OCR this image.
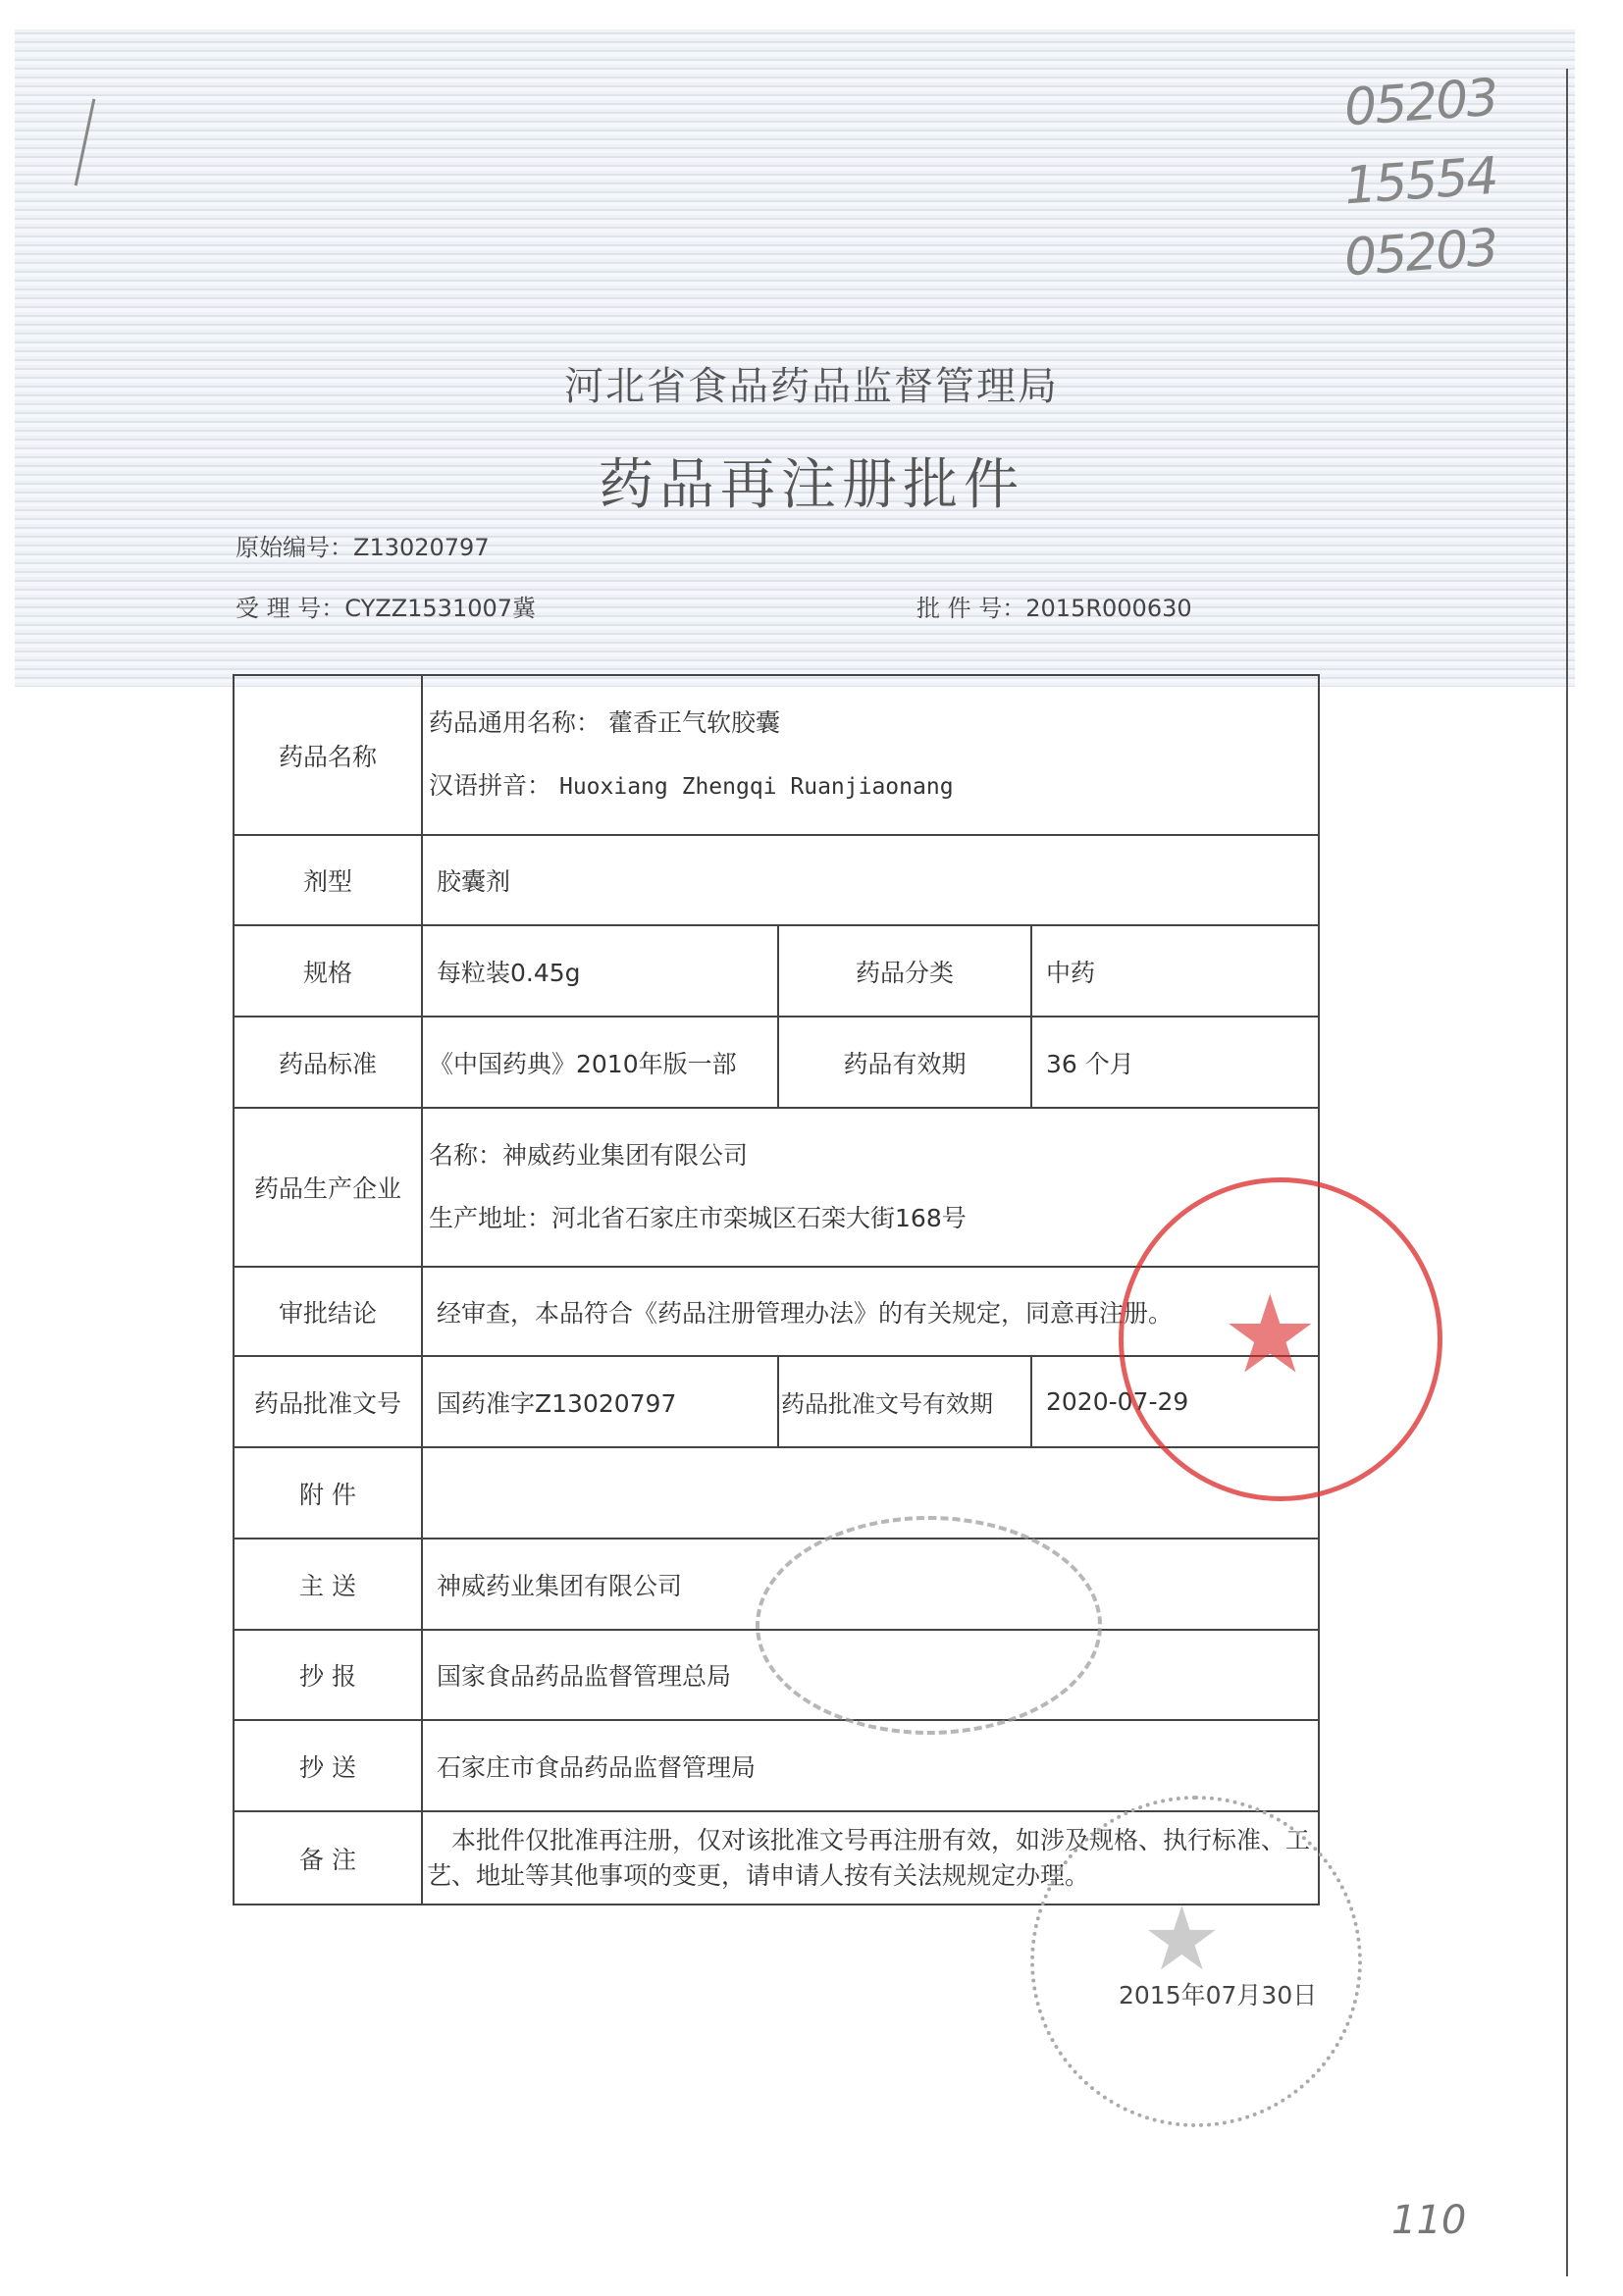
05203
15554
05203
河北省食品药品监督管理局
药品再注册批件
原始编号：Z13020797
受 理 号：CYZZ1531007冀	批 件 号：2015R000630
药品名称	药品通用名称： 藿香正气软胶囊
汉语拼音： Huoxiang Zhengqi Ruanjiaonang		

剂型	胶囊剂		
规格	每粒装0.45g	药品分类	中药
药品标准	《中国药典》2010年版一部	药品有效期	36 个月
药品生产企业	名称：神威药业集团有限公司
生产地址：河北省石家庄市栾城区石栾大街168号		

审批结论	经审查，本品符合《药品注册管理办法》的有关规定，同意再注册。		
药品批准文号	国药准字Z13020797	药品批准文号有效期	2020-07-29
附 件			
主 送	神威药业集团有限公司		
抄 报	国家食品药品监督管理总局		
抄 送	石家庄市食品药品监督管理局		
备 注	本批件仅批准再注册，仅对该批准文号再注册有效，如涉及规格、执行标准、工艺、地址等其他事项的变更，请申请人按有关法规规定办理。		
★
★
2015年07月30日
110
